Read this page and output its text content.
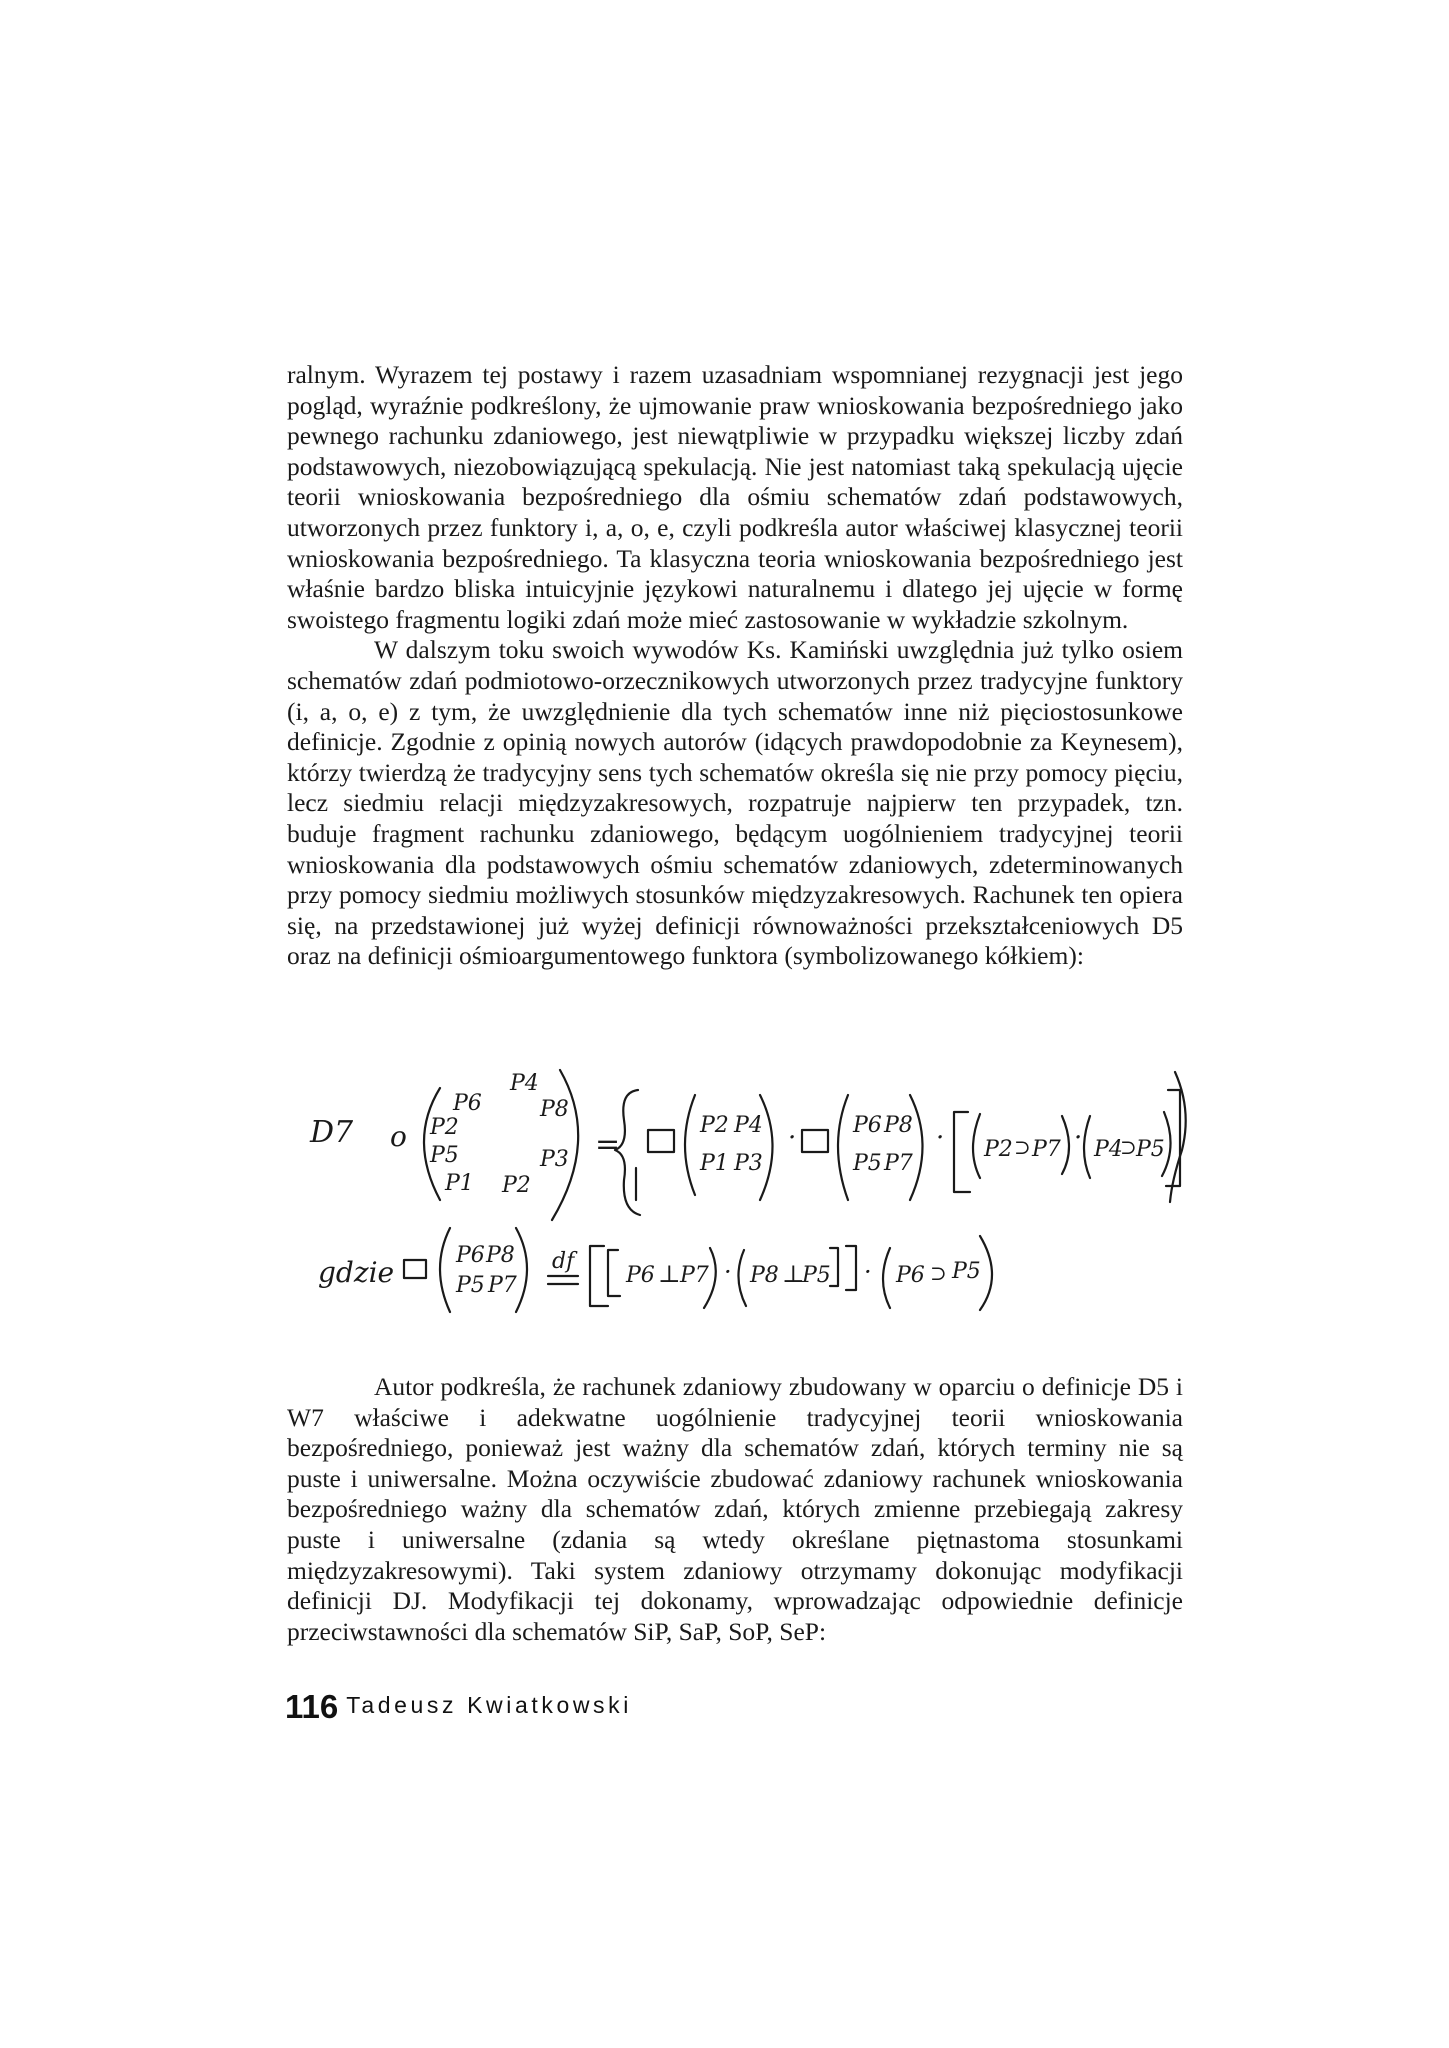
ralnym. Wyrazem tej postawy i razem uzasadniam wspomnianej rezygnacji jest jego pogląd, wyraźnie podkreślony, że ujmowanie praw wnioskowania bezpośredniego jako pewnego rachunku zdaniowego, jest niewątpliwie w przypadku większej liczby zdań podstawowych, niezobowiązującą spekulacją. Nie jest natomiast taką spekulacją ujęcie teorii wnioskowania bezpośredniego dla ośmiu schematów zdań podstawowych, utworzonych przez funktory i, a, o, e, czyli podkreśla autor właściwej klasycznej teorii wnioskowania bezpośredniego. Ta klasyczna teoria wnioskowania bezpośredniego jest właśnie bardzo bliska intuicyjnie językowi naturalnemu i dlatego jej ujęcie w formę swoistego fragmentu logiki zdań może mieć zastosowanie w wykładzie szkolnym.

W dalszym toku swoich wywodów Ks. Kamiński uwzględnia już tylko osiem schematów zdań podmiotowo-orzecznikowych utworzonych przez tradycyjne funktory (i, a, o, e) z tym, że uwzględnienie dla tych schematów inne niż pięciostosunkowe definicje. Zgodnie z opinią nowych autorów (idących prawdopodobnie za Keynesem), którzy twierdzą że tradycyjny sens tych schematów określa się nie przy pomocy pięciu, lecz siedmiu relacji międzyzakresowych, rozpatruje najpierw ten przypadek, tzn. buduje fragment rachunku zdaniowego, będącym uogólnieniem tradycyjnej teorii wnioskowania dla podstawowych ośmiu schematów zdaniowych, zdeterminowanych przy pomocy siedmiu możliwych stosunków międzyzakresowych. Rachunek ten opiera się, na przedstawionej już wyżej definicji równoważności przekształceniowych D5 oraz na definicji ośmioargumentowego funktora (symbolizowanego kółkiem):

D7 o
P6
P2
P5
P1
P4
P8
P3
P2
=
P2 P4
P1 P3
·	P6 P8
P5 P7
· P2 ⊃ P7 · P4
⊃ P5
gdzie
P6 P8
P5 P7
df
P6 ⊥ P7 · P8 ⊥
P5 · P6 ⊃ P5

Autor podkreśla, że rachunek zdaniowy zbudowany w oparciu o definicje D5 i W7 właściwe i adekwatne uogólnienie tradycyjnej teorii wnioskowania bezpośredniego, ponieważ jest ważny dla schematów zdań, których terminy nie są puste i uniwersalne. Można oczywiście zbudować zdaniowy rachunek wnioskowania bezpośredniego ważny dla schematów zdań, których zmienne przebiegają zakresy puste i uniwersalne (zdania są wtedy określane piętnastoma stosunkami międzyzakresowymi). Taki system zdaniowy otrzymamy dokonując modyfikacji definicji DJ. Modyfikacji tej dokonamy, wprowadzając odpowiednie definicje przeciwstawności dla schematów SiP, SaP, SoP, SeP:

116 Tadeusz Kwiatkowski
